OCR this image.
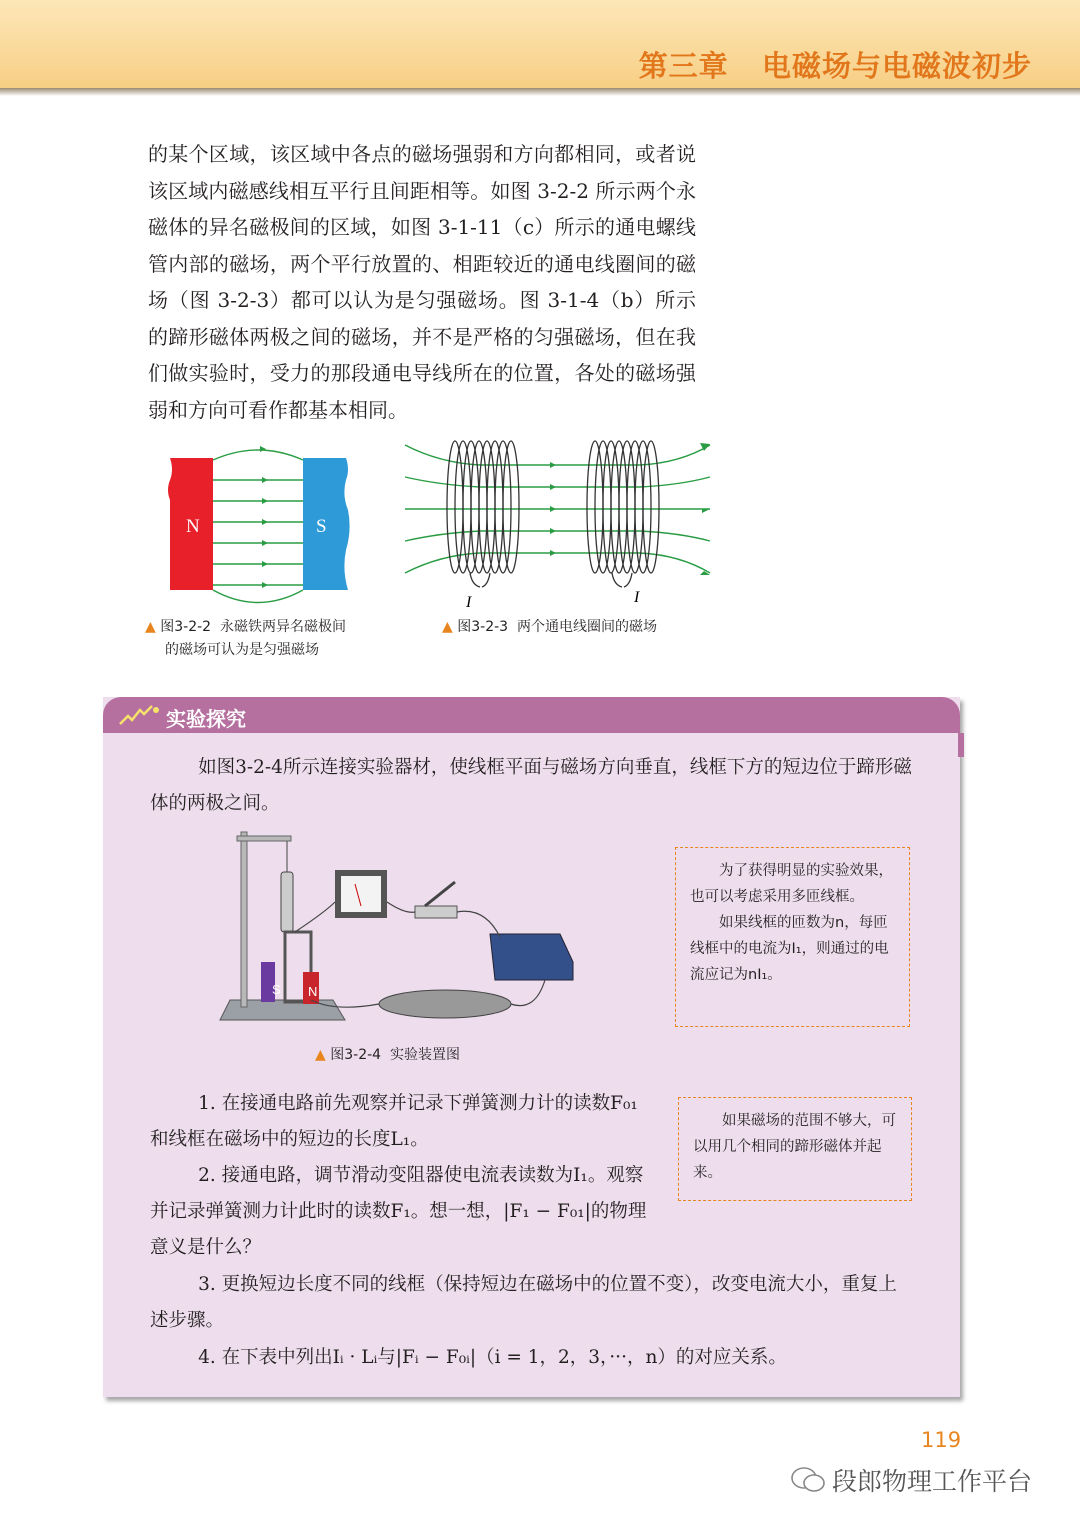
第三章 电磁场与电磁波初步
的某个区域，该区域中各点的磁场强弱和方向都相同，或者说该区域内磁感线相互平行且间距相等。如图 3-2-2 所示两个永磁体的异名磁极间的区域，如图 3-1-11（c）所示的通电螺线管内部的磁场，两个平行放置的、相距较近的通电线圈间的磁场（图 3-2-3）都可以认为是匀强磁场。图 3-1-4（b）所示的蹄形磁体两极之间的磁场，并不是严格的匀强磁场，但在我们做实验时，受力的那段通电导线所在的位置，各处的磁场强弱和方向可看作都基本相同。
N	S
▲ 图3-2-2 永磁铁两异名磁极间
的磁场可认为是匀强磁场
I	I
▲ 图3-2-3 两个通电线圈间的磁场
实验探究
如图3-2-4所示连接实验器材，使线框平面与磁场方向垂直，线框下方的短边位于蹄形磁体的两极之间。
S N
▲ 图3-2-4 实验装置图

为了获得明显的实验效果，也可以考虑采用多匝线框。

如果线框的匝数为n，每匝线框中的电流为I₁，则通过的电流应记为nI₁。

如果磁场的范围不够大，可以用几个相同的蹄形磁体并起来。

1. 在接通电路前先观察并记录下弹簧测力计的读数F₀₁和线框在磁场中的短边的长度L₁。
2. 接通电路，调节滑动变阻器使电流表读数为I₁。观察并记录弹簧测力计此时的读数F₁。想一想，|F₁ − F₀₁|的物理意义是什么？
3. 更换短边长度不同的线框（保持短边在磁场中的位置不变），改变电流大小，重复上述步骤。
4. 在下表中列出Iᵢ · Lᵢ与|Fᵢ − F₀ᵢ|（i = 1，2，3，···，n）的对应关系。
119
段郎物理工作平台
